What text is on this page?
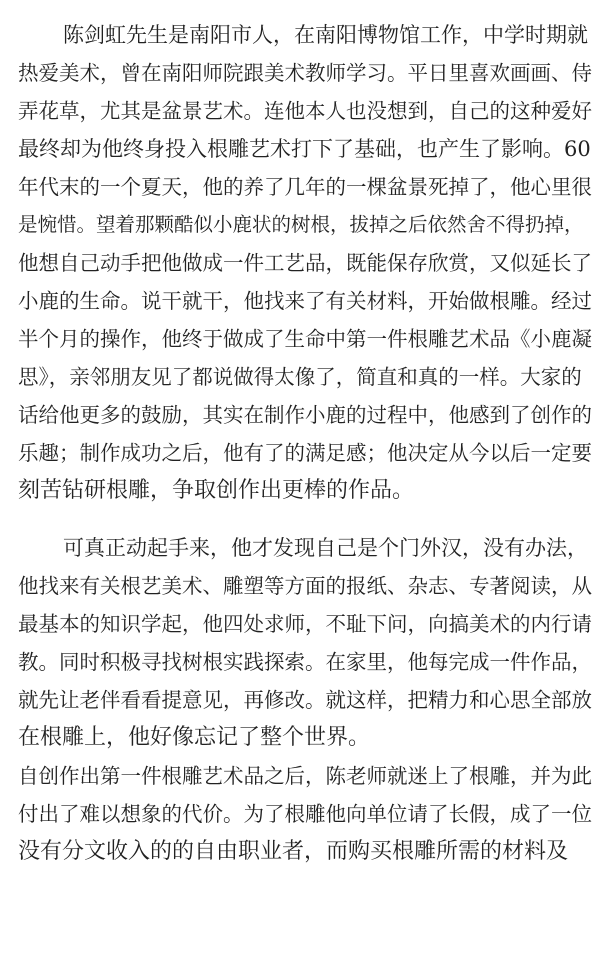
陈剑虹先生是南阳市人，在南阳博物馆工作，中学时期就
热爱美术，曾在南阳师院跟美术教师学习。平日里喜欢画画、侍
弄花草，尤其是盆景艺术。连他本人也没想到，自己的这种爱好
最终却为他终身投入根雕艺术打下了基础，也产生了影响。60
年代末的一个夏天，他的养了几年的一棵盆景死掉了，他心里很
是惋惜。望着那颗酷似小鹿状的树根，拔掉之后依然舍不得扔掉，
他想自己动手把他做成一件工艺品，既能保存欣赏，又似延长了
小鹿的生命。说干就干，他找来了有关材料，开始做根雕。经过
半个月的操作，他终于做成了生命中第一件根雕艺术品《小鹿凝
思》，亲邻朋友见了都说做得太像了，简直和真的一样。大家的
话给他更多的鼓励，其实在制作小鹿的过程中，他感到了创作的
乐趣；制作成功之后，他有了的满足感；他决定从今以后一定要
刻苦钻研根雕，争取创作出更棒的作品。
可真正动起手来，他才发现自己是个门外汉，没有办法，
他找来有关根艺美术、雕塑等方面的报纸、杂志、专著阅读，从
最基本的知识学起，他四处求师，不耻下问，向搞美术的内行请
教。同时积极寻找树根实践探索。在家里，他每完成一件作品，
就先让老伴看看提意见，再修改。就这样，把精力和心思全部放
在根雕上，他好像忘记了整个世界。
自创作出第一件根雕艺术品之后，陈老师就迷上了根雕，并为此
付出了难以想象的代价。为了根雕他向单位请了长假，成了一位
没有分文收入的的自由职业者，而购买根雕所需的材料及
